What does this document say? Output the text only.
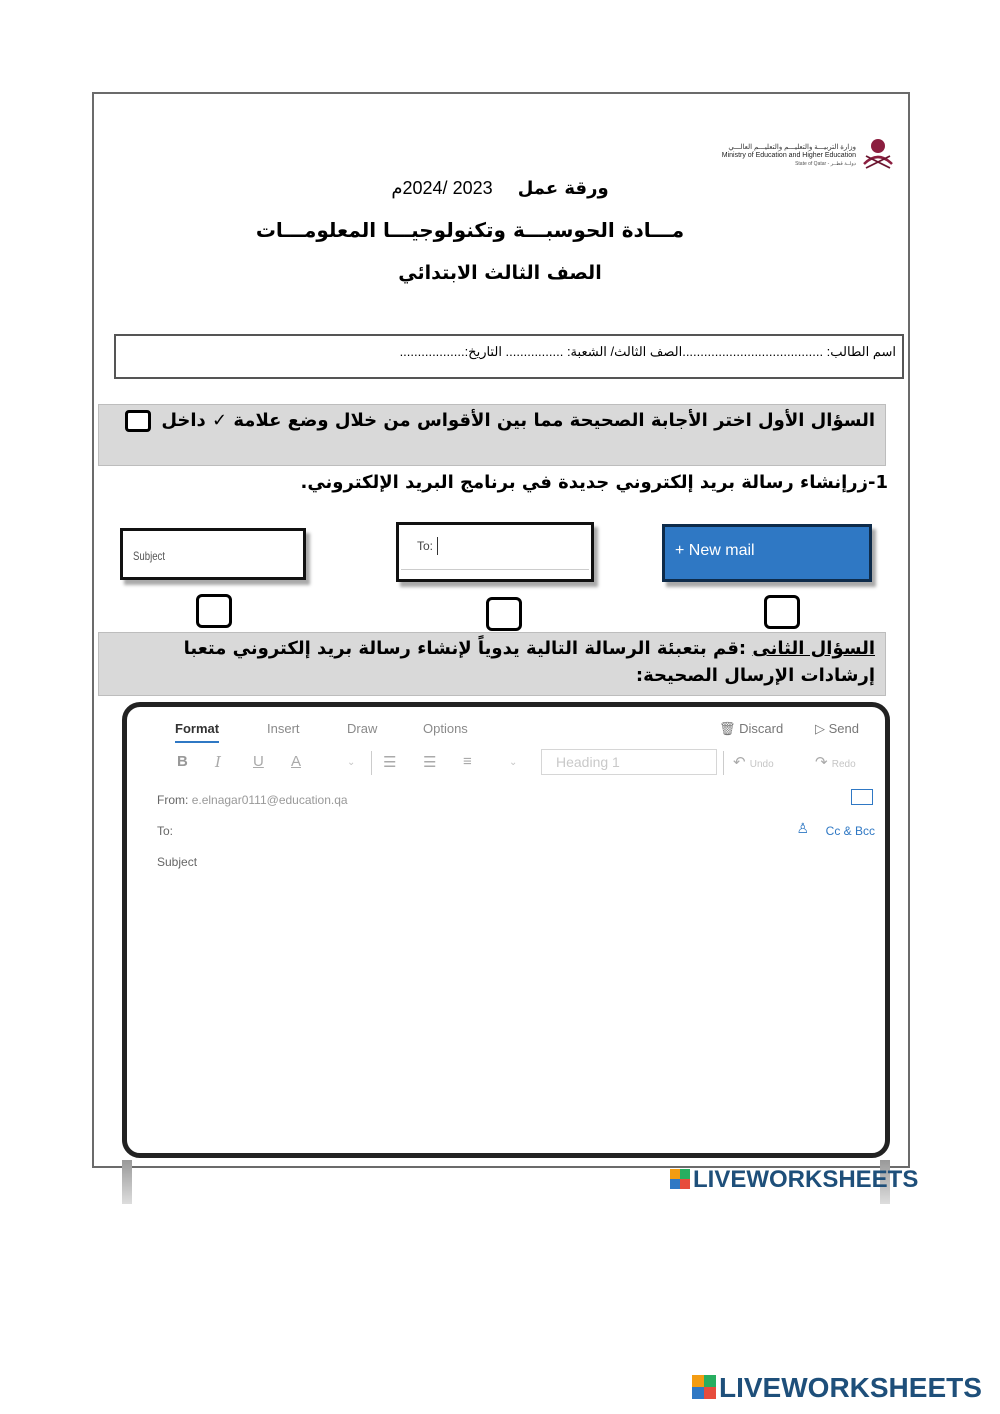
وزارة التربيـــة والتعليـــم والتعليـــم العالـــي
Ministry of Education and Higher Education
State of Qatar - دولــة قطــر
ورقة عمل    2023 /2024م
مـــادة الحوسبـــة وتكنولوجيـــا المعلومـــات
الصف الثالث الابتدائي
اسم الطالب: .......................................الصف الثالث/ الشعبة: ................ التاريخ:..................
السؤال الأول اختر الأجابة الصحيحة مما بين الأقواس من خلال وضع علامة ✓ داخل
1-زرإنشاء رسالة بريد إلكتروني جديدة في برنامج البريد الإلكتروني.
Subject
To:	+ New mail
السؤال الثانى :قم بتعبئة الرسالة التالية يدوياً لإنشاء رسالة بريد إلكتروني متعبا إرشادات الإرسال الصحيحة:
Format	Insert	Draw	Options	🗑 Discard ▷ Send
B I U A	⌄ ☰ ☰ ≡	⌄	Heading 1	↶ Undo	↷ Redo
From: e.elnagar0111@education.qa
To:	♙ Cc & Bcc
Subject
LIVEWORKSHEETS
LIVEWORKSHEETS
